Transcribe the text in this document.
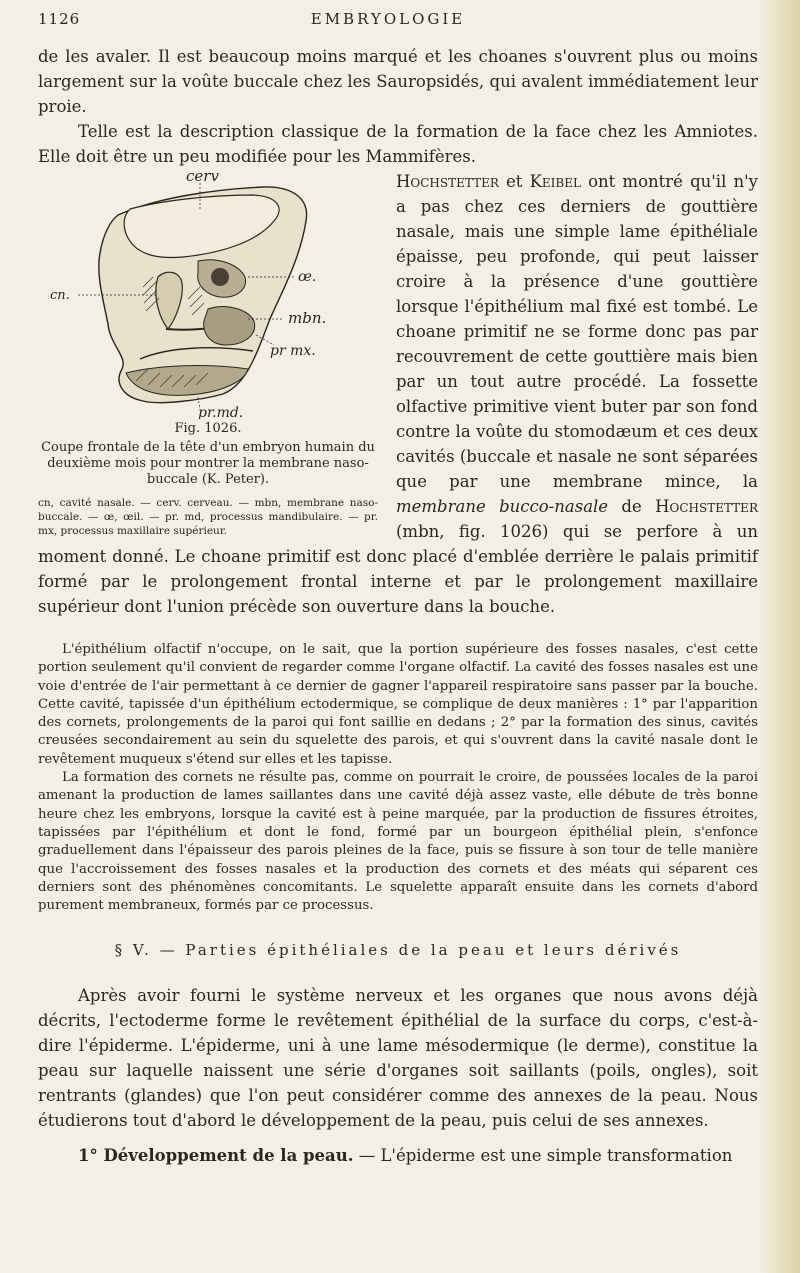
1126	EMBRYOLOGIE

de les avaler. Il est beaucoup moins marqué et les choanes s'ouvrent plus ou moins largement sur la voûte buccale chez les Sauropsidés, qui avalent immédiatement leur proie.

Telle est la description classique de la formation de la face chez les Amniotes. Elle doit être un peu modifiée pour les Mammifères.

cerv
œ.
mbn.
pr mx.
cn.
pr.md.
Fig. 1026.
Coupe frontale de la tête d'un embryon humain du deuxième mois pour montrer la membrane naso-buccale (K. Peter).
cn, cavité nasale. — cerv. cerveau. — mbn, membrane naso-buccale. — œ, œil. — pr. md, processus mandibulaire. — pr. mx, processus maxillaire supérieur.

Hochstetter et Keibel ont montré qu'il n'y a pas chez ces derniers de gouttière nasale, mais une simple lame épithéliale épaisse, peu profonde, qui peut laisser croire à la présence d'une gouttière lorsque l'épithélium mal fixé est tombé. Le choane primitif ne se forme donc pas par recouvrement de cette gouttière mais bien par un tout autre procédé. La fossette olfactive primitive vient buter par son fond contre la voûte du stomodæum et ces deux cavités (buccale et nasale ne sont séparées que par une membrane mince, la membrane bucco-nasale de Hochstetter (mbn, fig. 1026) qui se perfore à un moment donné. Le choane primitif est donc placé d'emblée derrière le palais primitif formé par le prolongement frontal interne et par le prolongement maxillaire supérieur dont l'union précède son ouverture dans la bouche.

L'épithélium olfactif n'occupe, on le sait, que la portion supérieure des fosses nasales, c'est cette portion seulement qu'il convient de regarder comme l'organe olfactif. La cavité des fosses nasales est une voie d'entrée de l'air permettant à ce dernier de gagner l'appareil respiratoire sans passer par la bouche. Cette cavité, tapissée d'un épithélium ectodermique, se complique de deux manières : 1° par l'apparition des cornets, prolongements de la paroi qui font saillie en dedans ; 2° par la formation des sinus, cavités creusées secondairement au sein du squelette des parois, et qui s'ouvrent dans la cavité nasale dont le revêtement muqueux s'étend sur elles et les tapisse.

La formation des cornets ne résulte pas, comme on pourrait le croire, de poussées locales de la paroi amenant la production de lames saillantes dans une cavité déjà assez vaste, elle débute de très bonne heure chez les embryons, lorsque la cavité est à peine marquée, par la production de fissures étroites, tapissées par l'épithélium et dont le fond, formé par un bourgeon épithélial plein, s'enfonce graduellement dans l'épaisseur des parois pleines de la face, puis se fissure à son tour de telle manière que l'accroissement des fosses nasales et la production des cornets et des méats qui séparent ces derniers sont des phénomènes concomitants. Le squelette apparaît ensuite dans les cornets d'abord purement membraneux, formés par ce processus.

§ V. — Parties épithéliales de la peau et leurs dérivés

Après avoir fourni le système nerveux et les organes que nous avons déjà décrits, l'ectoderme forme le revêtement épithélial de la surface du corps, c'est-à-dire l'épiderme. L'épiderme, uni à une lame mésodermique (le derme), constitue la peau sur laquelle naissent une série d'organes soit saillants (poils, ongles), soit rentrants (glandes) que l'on peut considérer comme des annexes de la peau. Nous étudierons tout d'abord le développement de la peau, puis celui de ses annexes.

1° Développement de la peau. — L'épiderme est une simple transformation
